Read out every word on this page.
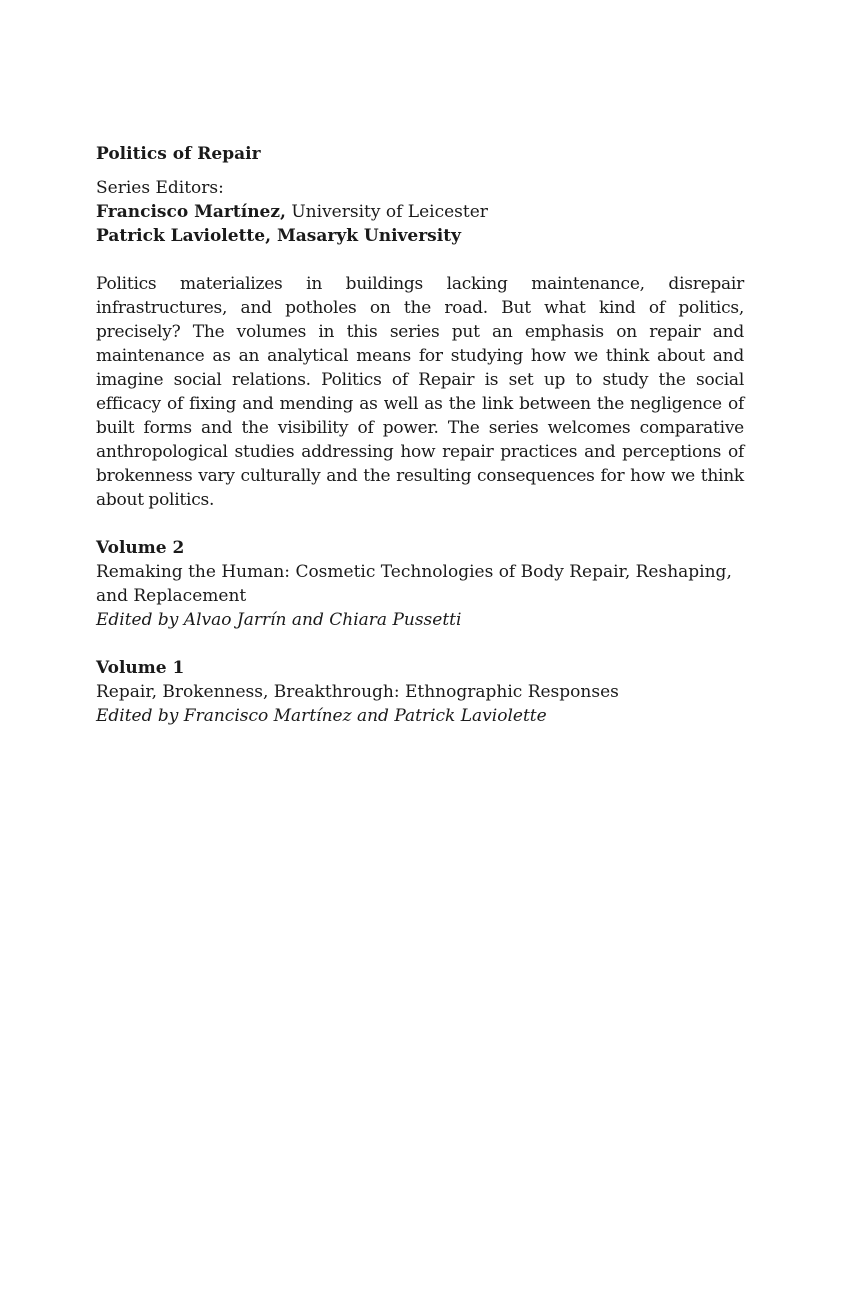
Politics of Repair
Series Editors:
Francisco Martínez, University of Leicester
Patrick Laviolette, Masaryk University
Politics materializes in buildings lacking maintenance, disrepair infrastructures, and potholes on the road. But what kind of politics, precisely? The volumes in this series put an emphasis on repair and maintenance as an analytical means for studying how we think about and imagine social relations. Politics of Repair is set up to study the social efficacy of fixing and mending as well as the link between the negligence of built forms and the visibility of power. The series welcomes comparative anthropological studies addressing how repair practices and perceptions of brokenness vary culturally and the resulting consequences for how we think about politics.
Volume 2
Remaking the Human: Cosmetic Technologies of Body Repair, Reshaping, and Replacement
Edited by Alvao Jarrín and Chiara Pussetti
Volume 1
Repair, Brokenness, Breakthrough: Ethnographic Responses
Edited by Francisco Martínez and Patrick Laviolette
